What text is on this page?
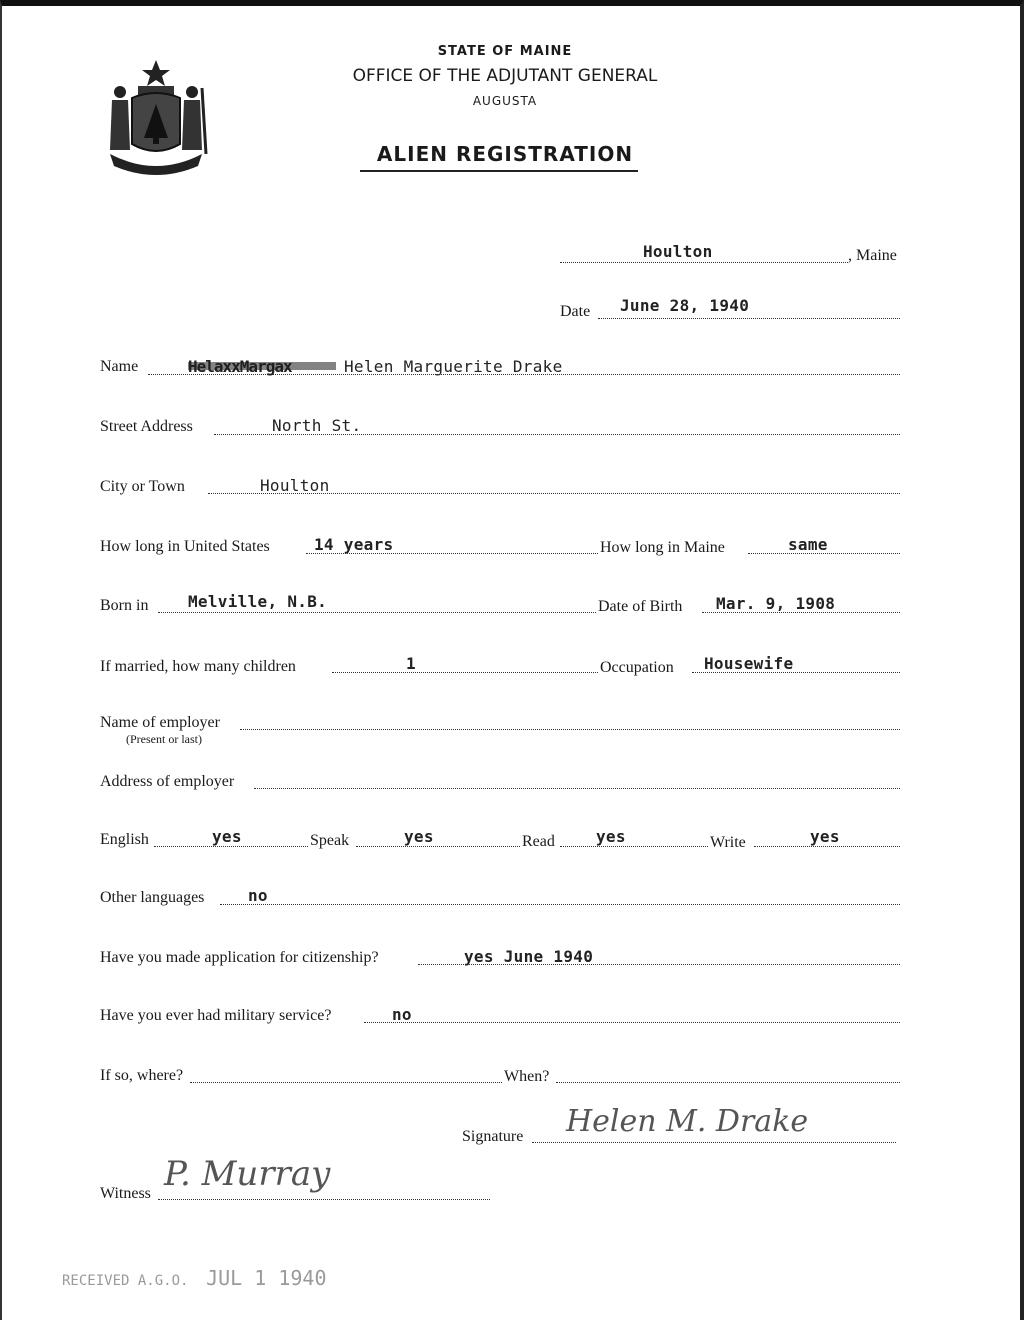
STATE OF MAINE
OFFICE OF THE ADJUTANT GENERAL
AUGUSTA
ALIEN REGISTRATION
Houlton	, Maine
Date June 28, 1940
Name	Helen Marguerite Drake
Street Address	North St.
City or Town	Houlton
How long in United States	14 years	How long in Maine	same
Born in Melville, N.B.	Date of Birth Mar. 9, 1908
If married, how many children	1	Occupation Housewife
Name of employer
(Present or last)
Address of employer
English	yes	Speak	yes	Read	yes	Write	yes
Other languages	no
Have you made application for citizenship?	yes June 1940
Have you ever had military service?	no
If so, where?	When?
Signature Helen M. Drake
Witness P. Murray
RECEIVED A.G.O. JUL 1 1940
